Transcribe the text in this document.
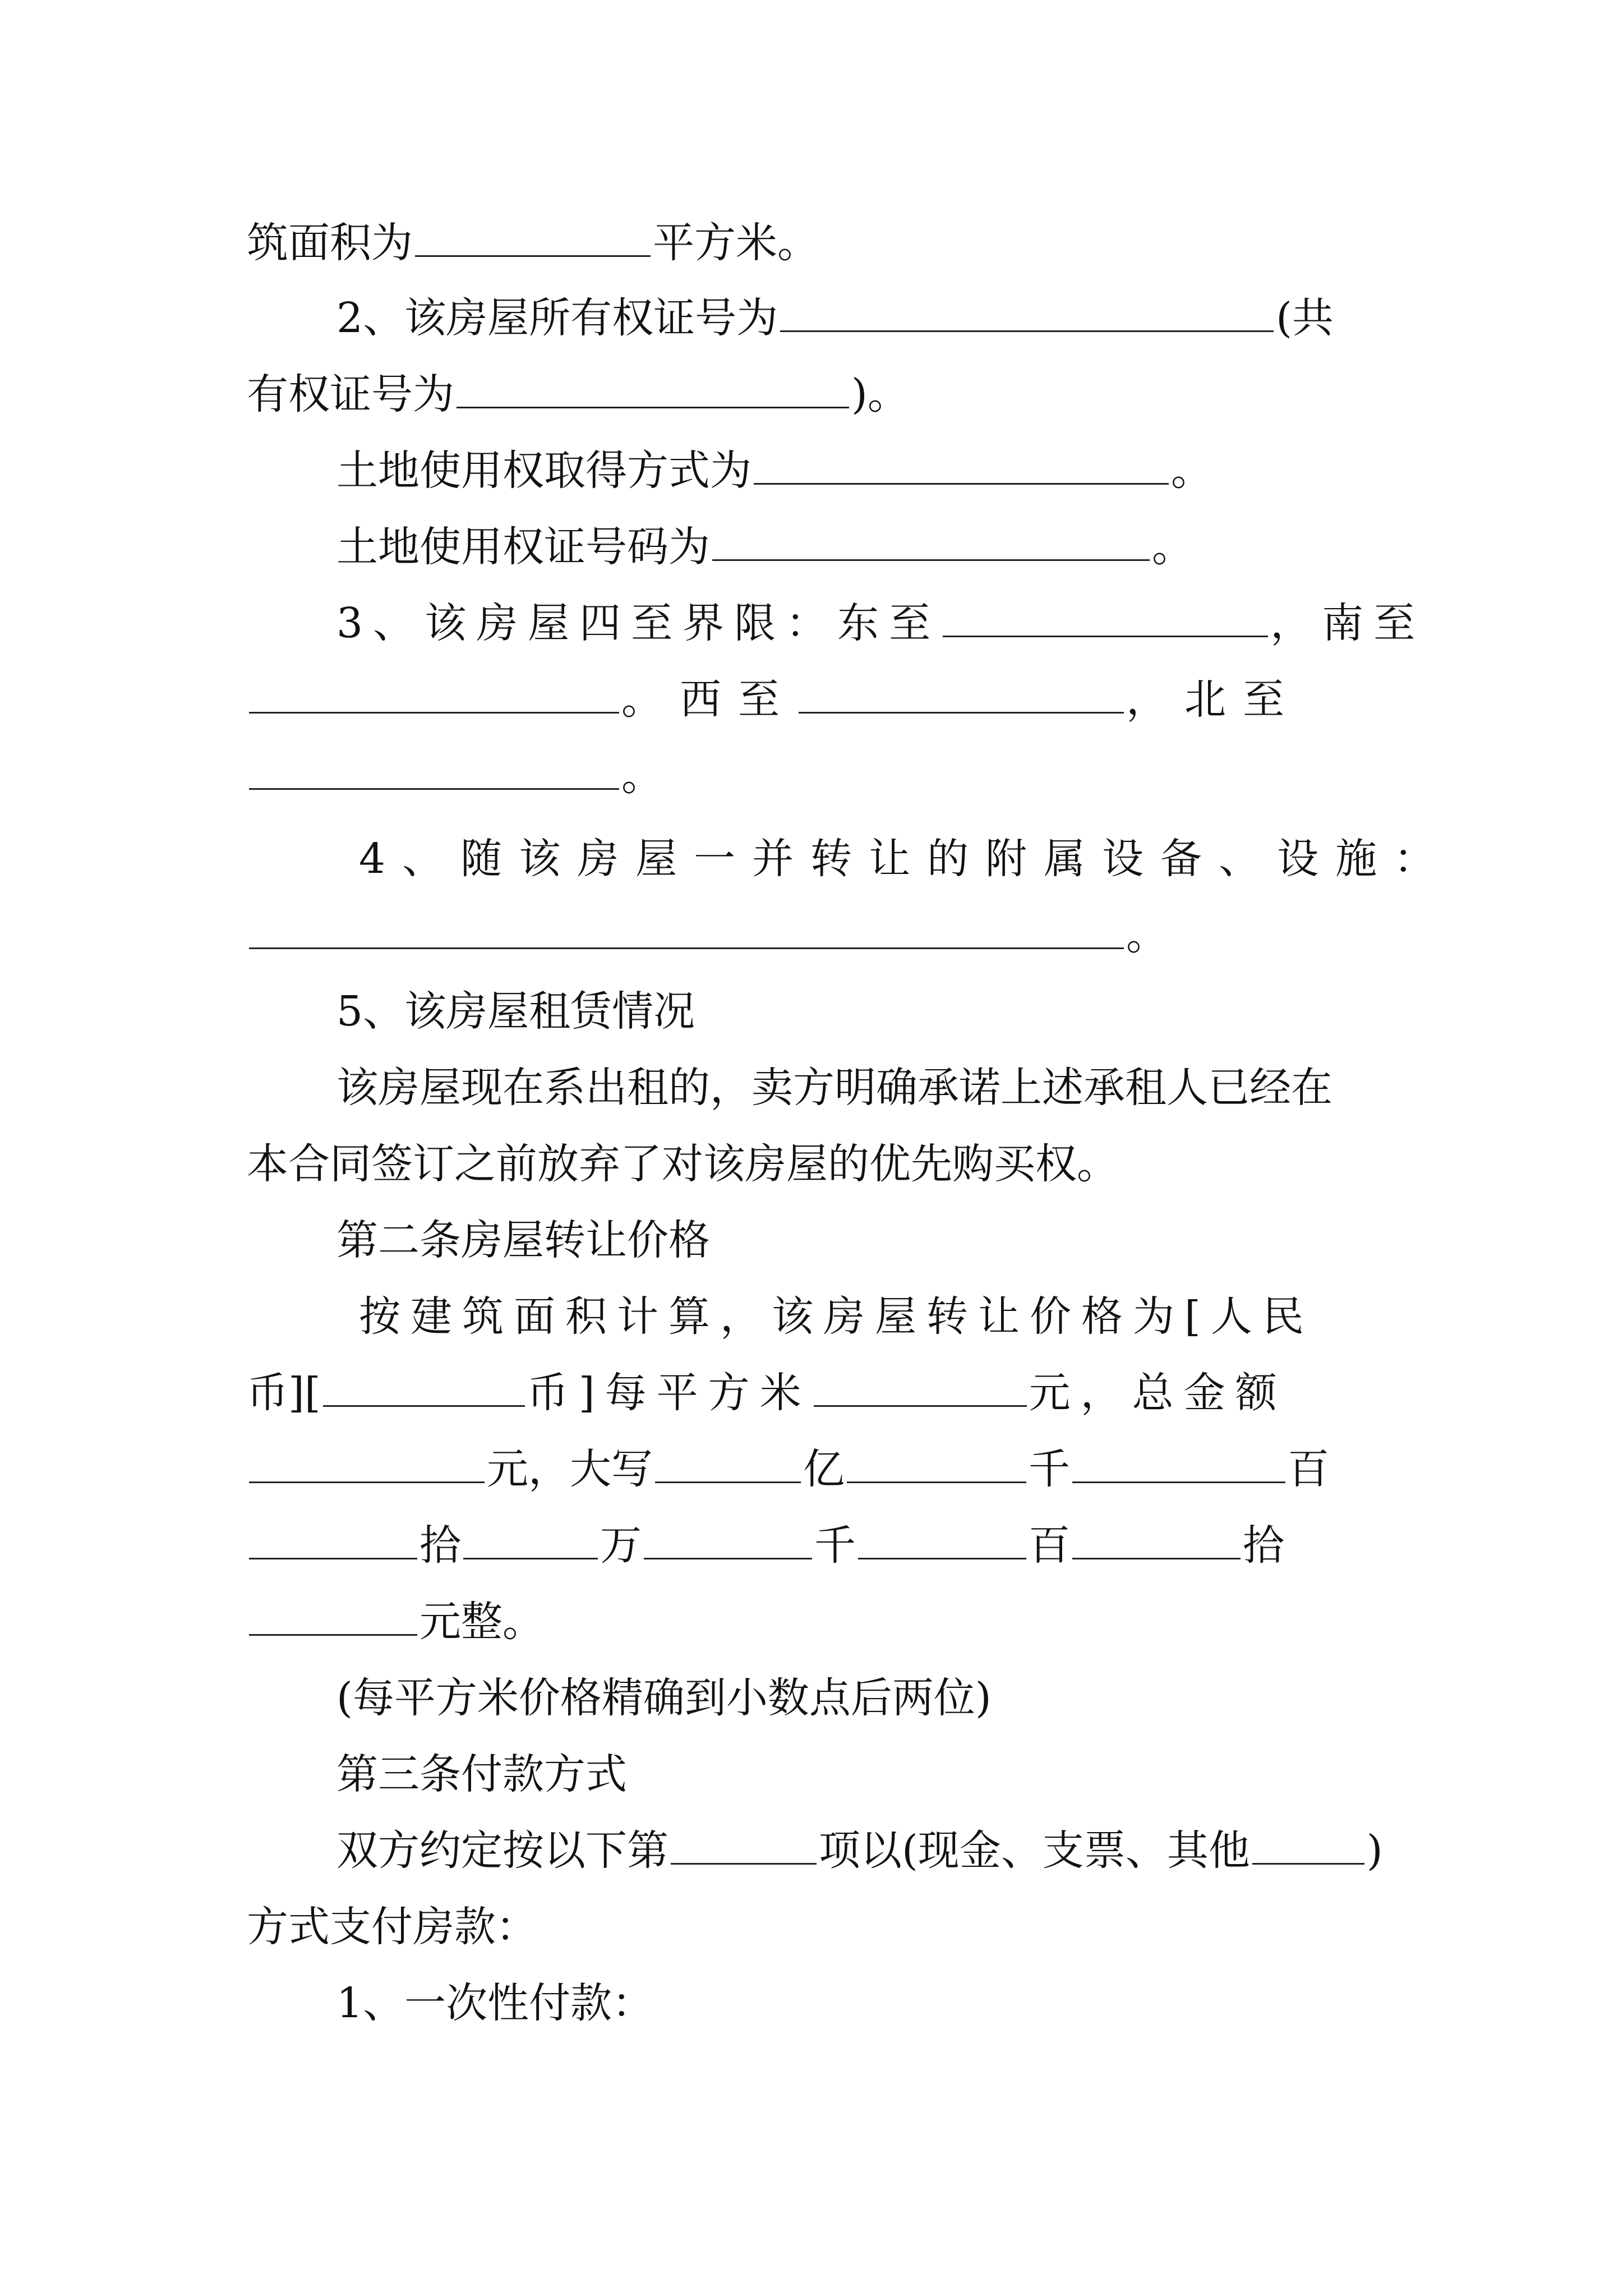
筑面积为	平方米。
2、该房屋所有权证号为	(共
有权证号为	)。
土地使用权取得方式为	。
土地使用权证号码为	。
3、该房屋四至界限：东至	，南至
。西至	，北至
。
4、随该房屋一并转让的附属设备、设施：
。
5、该房屋租赁情况
该房屋现在系出租的，卖方明确承诺上述承租人已经在
本合同签订之前放弃了对该房屋的优先购买权。
第二条房屋转让价格
按建筑面积计算，该房屋转让价格为[人民
币][	币]每平方米	元，总金额
元，大写	亿	千	百
拾	万	千	百	拾
元整。
(每平方米价格精确到小数点后两位)
第三条付款方式
双方约定按以下第	项以(现金、支票、其他	)
方式支付房款：
1、一次性付款：
